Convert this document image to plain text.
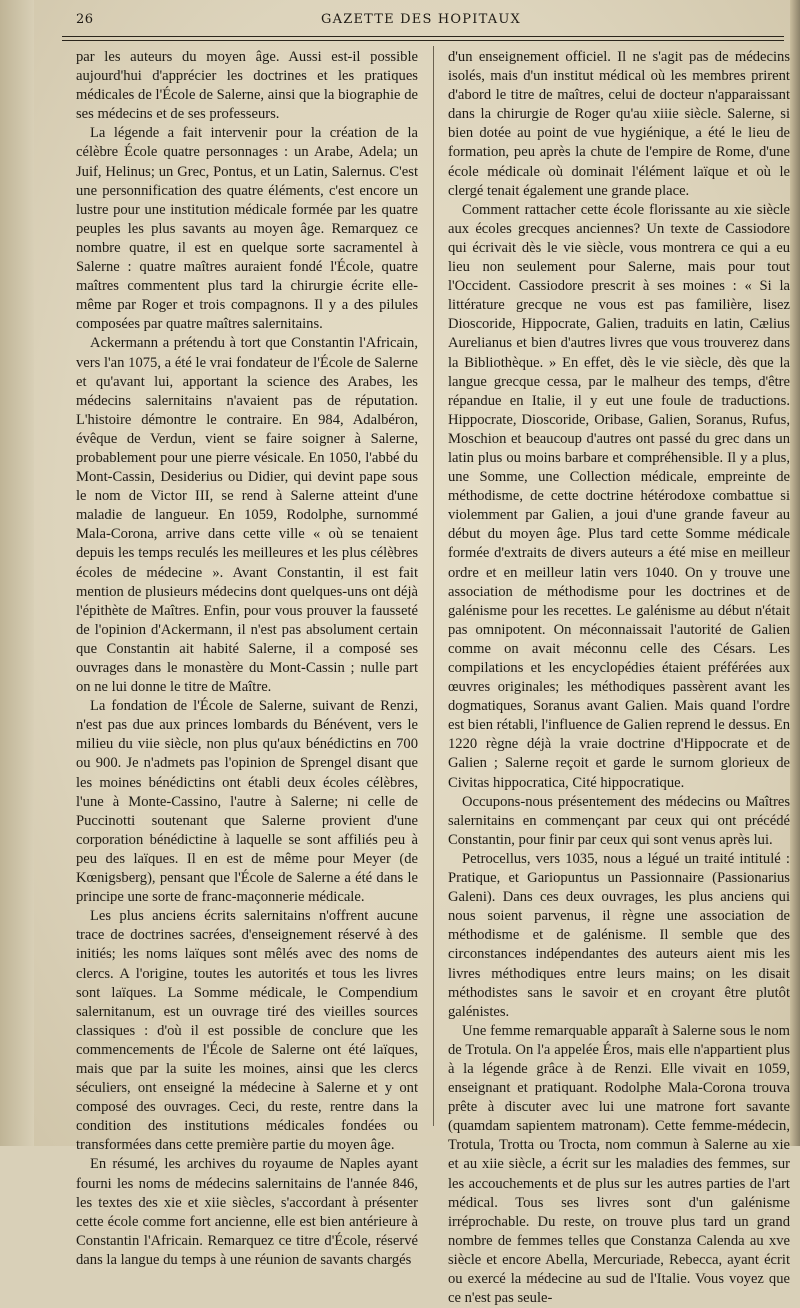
26	GAZETTE DES HOPITAUX

par les auteurs du moyen âge. Aussi est-il possible aujourd'hui d'apprécier les doctrines et les pratiques médicales de l'École de Salerne, ainsi que la biographie de ses médecins et de ses professeurs.

La légende a fait intervenir pour la création de la célèbre École quatre personnages : un Arabe, Adela; un Juif, Helinus; un Grec, Pontus, et un Latin, Salernus. C'est une personnification des quatre éléments, c'est encore un lustre pour une institution médicale formée par les quatre peuples les plus savants au moyen âge. Remarquez ce nombre quatre, il est en quelque sorte sacramentel à Salerne : quatre maîtres auraient fondé l'École, quatre maîtres commentent plus tard la chirurgie écrite elle-même par Roger et trois compagnons. Il y a des pilules composées par quatre maîtres salernitains.

Ackermann a prétendu à tort que Constantin l'Africain, vers l'an 1075, a été le vrai fondateur de l'École de Salerne et qu'avant lui, apportant la science des Arabes, les médecins salernitains n'avaient pas de réputation. L'histoire démontre le contraire. En 984, Adalbéron, évêque de Verdun, vient se faire soigner à Salerne, probablement pour une pierre vésicale. En 1050, l'abbé du Mont-Cassin, Desiderius ou Didier, qui devint pape sous le nom de Victor III, se rend à Salerne atteint d'une maladie de langueur. En 1059, Rodolphe, surnommé Mala-Corona, arrive dans cette ville « où se tenaient depuis les temps reculés les meilleures et les plus célèbres écoles de médecine ». Avant Constantin, il est fait mention de plusieurs médecins dont quelques-uns ont déjà l'épithète de Maîtres. Enfin, pour vous prouver la fausseté de l'opinion d'Ackermann, il n'est pas absolument certain que Constantin ait habité Salerne, il a composé ses ouvrages dans le monastère du Mont-Cassin ; nulle part on ne lui donne le titre de Maître.

La fondation de l'École de Salerne, suivant de Renzi, n'est pas due aux princes lombards du Bénévent, vers le milieu du viie siècle, non plus qu'aux bénédictins en 700 ou 900. Je n'admets pas l'opinion de Sprengel disant que les moines bénédictins ont établi deux écoles célèbres, l'une à Monte-Cassino, l'autre à Salerne; ni celle de Puccinotti soutenant que Salerne provient d'une corporation bénédictine à laquelle se sont affiliés peu à peu des laïques. Il en est de même pour Meyer (de Kœnigsberg), pensant que l'École de Salerne a été dans le principe une sorte de franc-maçonnerie médicale.

Les plus anciens écrits salernitains n'offrent aucune trace de doctrines sacrées, d'enseignement réservé à des initiés; les noms laïques sont mêlés avec des noms de clercs. A l'origine, toutes les autorités et tous les livres sont laïques. La Somme médicale, le Compendium salernitanum, est un ouvrage tiré des vieilles sources classiques : d'où il est possible de conclure que les commencements de l'École de Salerne ont été laïques, mais que par la suite les moines, ainsi que les clercs séculiers, ont enseigné la médecine à Salerne et y ont composé des ouvrages. Ceci, du reste, rentre dans la condition des institutions médicales fondées ou transformées dans cette première partie du moyen âge.

En résumé, les archives du royaume de Naples ayant fourni les noms de médecins salernitains de l'année 846, les textes des xie et xiie siècles, s'accordant à présenter cette école comme fort ancienne, elle est bien antérieure à Constantin l'Africain. Remarquez ce titre d'École, réservé dans la langue du temps à une réunion de savants chargés

d'un enseignement officiel. Il ne s'agit pas de médecins isolés, mais d'un institut médical où les membres prirent d'abord le titre de maîtres, celui de docteur n'apparaissant dans la chirurgie de Roger qu'au xiiie siècle. Salerne, si bien dotée au point de vue hygiénique, a été le lieu de formation, peu après la chute de l'empire de Rome, d'une école médicale où dominait l'élément laïque et où le clergé tenait également une grande place.

Comment rattacher cette école florissante au xie siècle aux écoles grecques anciennes? Un texte de Cassiodore qui écrivait dès le vie siècle, vous montrera ce qui a eu lieu non seulement pour Salerne, mais pour tout l'Occident. Cassiodore prescrit à ses moines : « Si la littérature grecque ne vous est pas familière, lisez Dioscoride, Hippocrate, Galien, traduits en latin, Cælius Aurelianus et bien d'autres livres que vous trouverez dans la Bibliothèque. » En effet, dès le vie siècle, dès que la langue grecque cessa, par le malheur des temps, d'être répandue en Italie, il y eut une foule de traductions. Hippocrate, Dioscoride, Oribase, Galien, Soranus, Rufus, Moschion et beaucoup d'autres ont passé du grec dans un latin plus ou moins barbare et compréhensible. Il y a plus, une Somme, une Collection médicale, empreinte de méthodisme, de cette doctrine hétérodoxe combattue si violemment par Galien, a joui d'une grande faveur au début du moyen âge. Plus tard cette Somme médicale formée d'extraits de divers auteurs a été mise en meilleur ordre et en meilleur latin vers 1040. On y trouve une association de méthodisme pour les doctrines et de galénisme pour les recettes. Le galénisme au début n'était pas omnipotent. On méconnaissait l'autorité de Galien comme on avait méconnu celle des Césars. Les compilations et les encyclopédies étaient préférées aux œuvres originales; les méthodiques passèrent avant les dogmatiques, Soranus avant Galien. Mais quand l'ordre est bien rétabli, l'influence de Galien reprend le dessus. En 1220 règne déjà la vraie doctrine d'Hippocrate et de Galien ; Salerne reçoit et garde le surnom glorieux de Civitas hippocratica, Cité hippocratique.

Occupons-nous présentement des médecins ou Maîtres salernitains en commençant par ceux qui ont précédé Constantin, pour finir par ceux qui sont venus après lui.

Petrocellus, vers 1035, nous a légué un traité intitulé : Pratique, et Gariopuntus un Passionnaire (Passionarius Galeni). Dans ces deux ouvrages, les plus anciens qui nous soient parvenus, il règne une association de méthodisme et de galénisme. Il semble que des circonstances indépendantes des auteurs aient mis les livres méthodiques entre leurs mains; on les disait méthodistes sans le savoir et en croyant être plutôt galénistes.

Une femme remarquable apparaît à Salerne sous le nom de Trotula. On l'a appelée Éros, mais elle n'appartient plus à la légende grâce à de Renzi. Elle vivait en 1059, enseignant et pratiquant. Rodolphe Mala-Corona trouva prête à discuter avec lui une matrone fort savante (quamdam sapientem matronam). Cette femme-médecin, Trotula, Trotta ou Trocta, nom commun à Salerne au xie et au xiie siècle, a écrit sur les maladies des femmes, sur les accouchements et de plus sur les autres parties de l'art médical. Tous ses livres sont d'un galénisme irréprochable. Du reste, on trouve plus tard un grand nombre de femmes telles que Constanza Calenda au xve siècle et encore Abella, Mercuriade, Rebecca, ayant écrit ou exercé la médecine au sud de l'Italie. Vous voyez que ce n'est pas seule-
